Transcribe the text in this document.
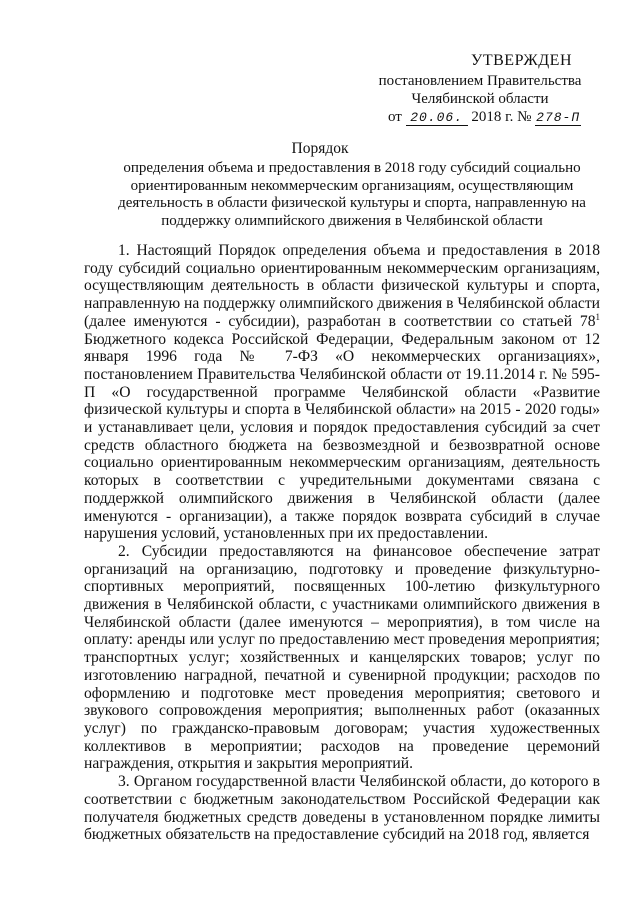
УТВЕРЖДЕН
постановлением Правительства
Челябинской области
от 20.06. 2018 г. № 278-П
Порядок
определения объема и предоставления в 2018 году субсидий социально ориентированным некоммерческим организациям, осуществляющим деятельность в области физической культуры и спорта, направленную на поддержку олимпийского движения в Челябинской области

1. Настоящий Порядок определения объема и предоставления в 2018 году субсидий социально ориентированным некоммерческим организациям, осуществляющим деятельность в области физической культуры и спорта, направленную на поддержку олимпийского движения в Челябинской области (далее именуются - субсидии), разработан в соответствии со статьей $78^1$ Бюджетного кодекса Российской Федерации, Федеральным законом от 12 января 1996 года № 7-ФЗ «О некоммерческих организациях», постановлением Правительства Челябинской области от 19.11.2014 г. № 595-П «О государственной программе Челябинской области «Развитие физической культуры и спорта в Челябинской области» на 2015 - 2020 годы» и устанавливает цели, условия и порядок предоставления субсидий за счет средств областного бюджета на безвозмездной и безвозвратной основе социально ориентированным некоммерческим организациям, деятельность которых в соответствии с учредительными документами связана с поддержкой олимпийского движения в Челябинской области (далее именуются - организации), а также порядок возврата субсидий в случае нарушения условий, установленных при их предоставлении.

2. Субсидии предоставляются на финансовое обеспечение затрат организаций на организацию, подготовку и проведение физкультурно-спортивных мероприятий, посвященных 100-летию физкультурного движения в Челябинской области, с участниками олимпийского движения в Челябинской области (далее именуются – мероприятия), в том числе на оплату: аренды или услуг по предоставлению мест проведения мероприятия; транспортных услуг; хозяйственных и канцелярских товаров; услуг по изготовлению наградной, печатной и сувенирной продукции; расходов по оформлению и подготовке мест проведения мероприятия; светового и звукового сопровождения мероприятия; выполненных работ (оказанных услуг) по гражданско-правовым договорам; участия художественных коллективов в мероприятии; расходов на проведение церемоний награждения, открытия и закрытия мероприятий.

3. Органом государственной власти Челябинской области, до которого в соответствии с бюджетным законодательством Российской Федерации как получателя бюджетных средств доведены в установленном порядке лимиты бюджетных обязательств на предоставление субсидий на 2018 год, является
